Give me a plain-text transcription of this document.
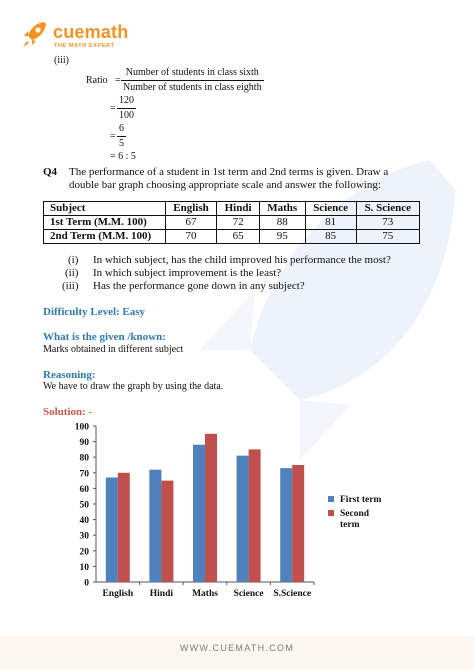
cuemath
THE MATH EXPERT
(iii)
Ratio =
Number of students in class sixth
Number of students in class eighth
= $\frac{120}{100}$
= $\frac{6}{5}$
= 6 : 5
Q4 The performance of a student in 1st term and 2nd terms is given. Draw a
double bar graph choosing appropriate scale and answer the following:
Subject	English	Hindi	Maths	Science	S. Science
1st Term (M.M. 100)	67	72	88	81	73
2nd Term (M.M. 100)	70	65	95	85	75
(i) In which subject, has the child improved his performance the most?
(ii) In which subject improvement is the least?
(iii) Has the performance gone down in any subject?
Difficulty Level: Easy
What is the given /known:
Marks obtained in different subject
Reasoning:
We have to draw the graph by using the data.
Solution: -
0
10
20
30
40
50
60
70
80
90
100
English Hindi Maths Science S.Science
First term
Second term
WWW.CUEMATH.COM
